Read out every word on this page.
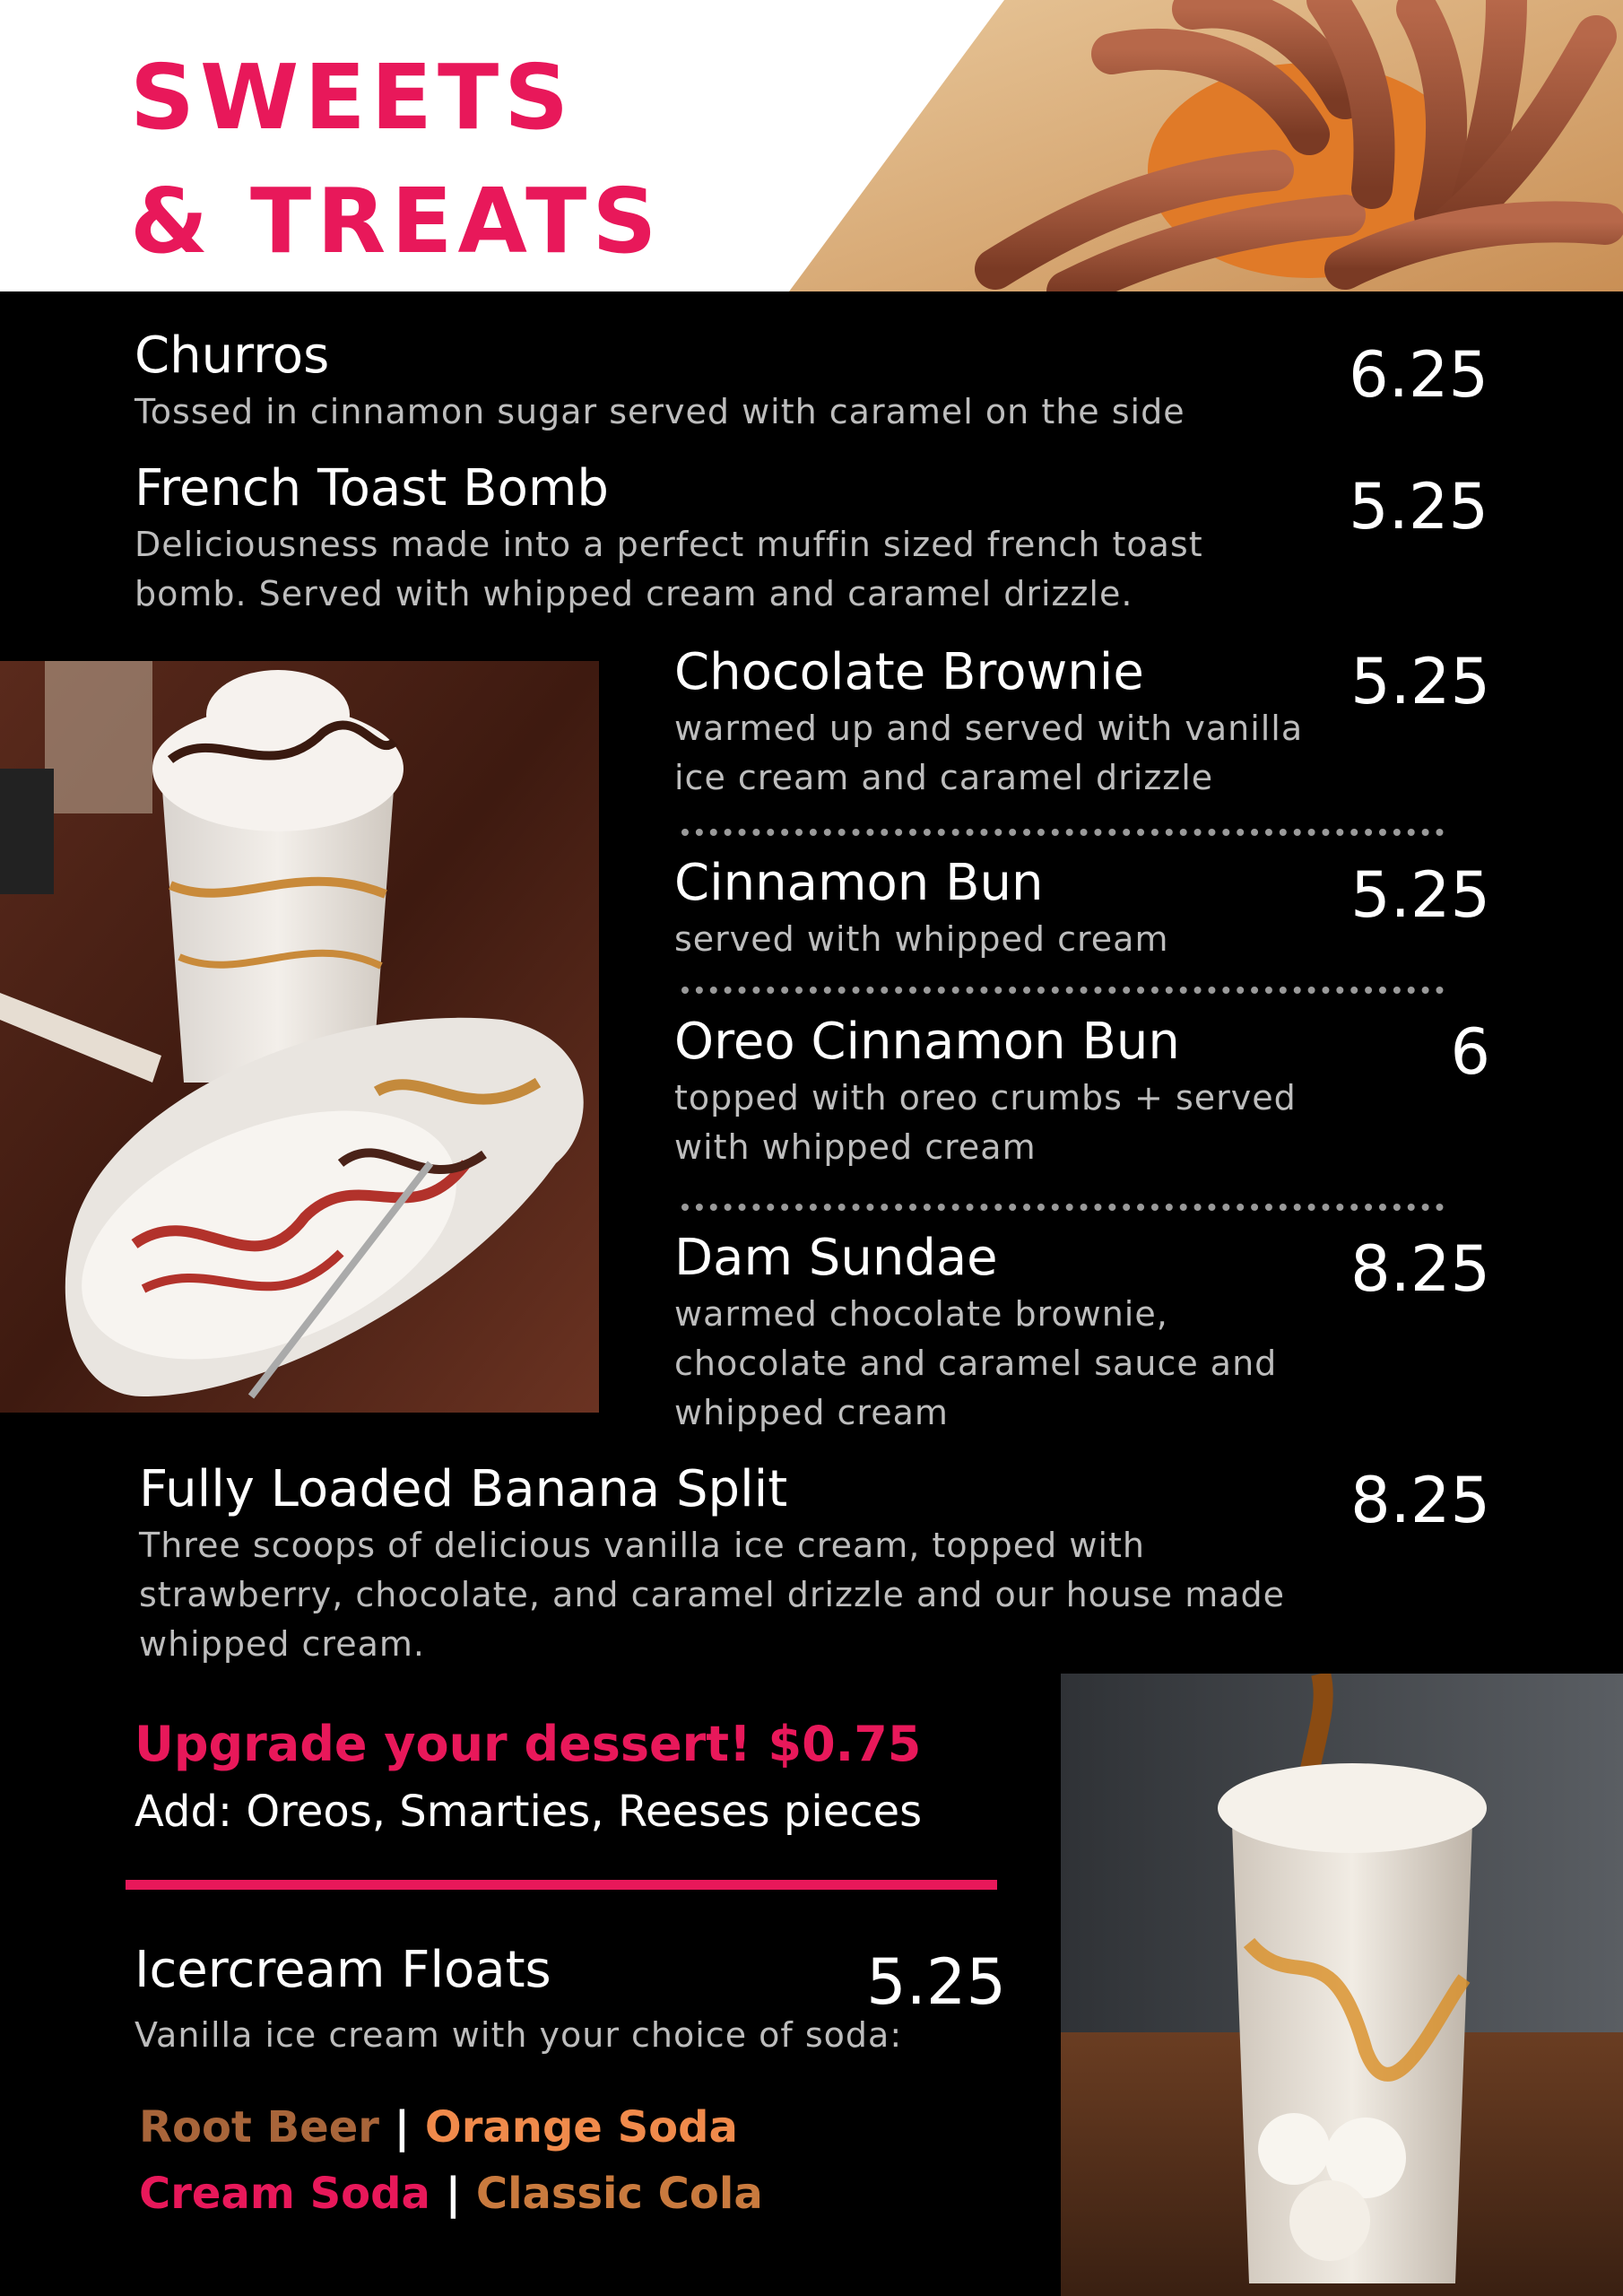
SWEETS
& TREATS
Churros
Tossed in cinnamon sugar served with caramel on the side	6.25
French Toast Bomb
Deliciousness made into a perfect muffin sized french toast
bomb. Served with whipped cream and caramel drizzle.
5.25
Chocolate Brownie
warmed up and served with vanilla
ice cream and caramel drizzle
5.25
Cinnamon Bun
served with whipped cream
5.25
Oreo Cinnamon Bun
topped with oreo crumbs + served
with whipped cream
6
Dam Sundae
warmed chocolate brownie,
chocolate and caramel sauce and
whipped cream
8.25
Fully Loaded Banana Split
Three scoops of delicious vanilla ice cream, topped with
strawberry, chocolate, and caramel drizzle and our house made
whipped cream.
8.25
Upgrade your dessert! $0.75
Add: Oreos, Smarties, Reeses pieces
Icercream Floats
Vanilla ice cream with your choice of soda:
5.25
Root Beer | Orange Soda
Cream Soda | Classic Cola
